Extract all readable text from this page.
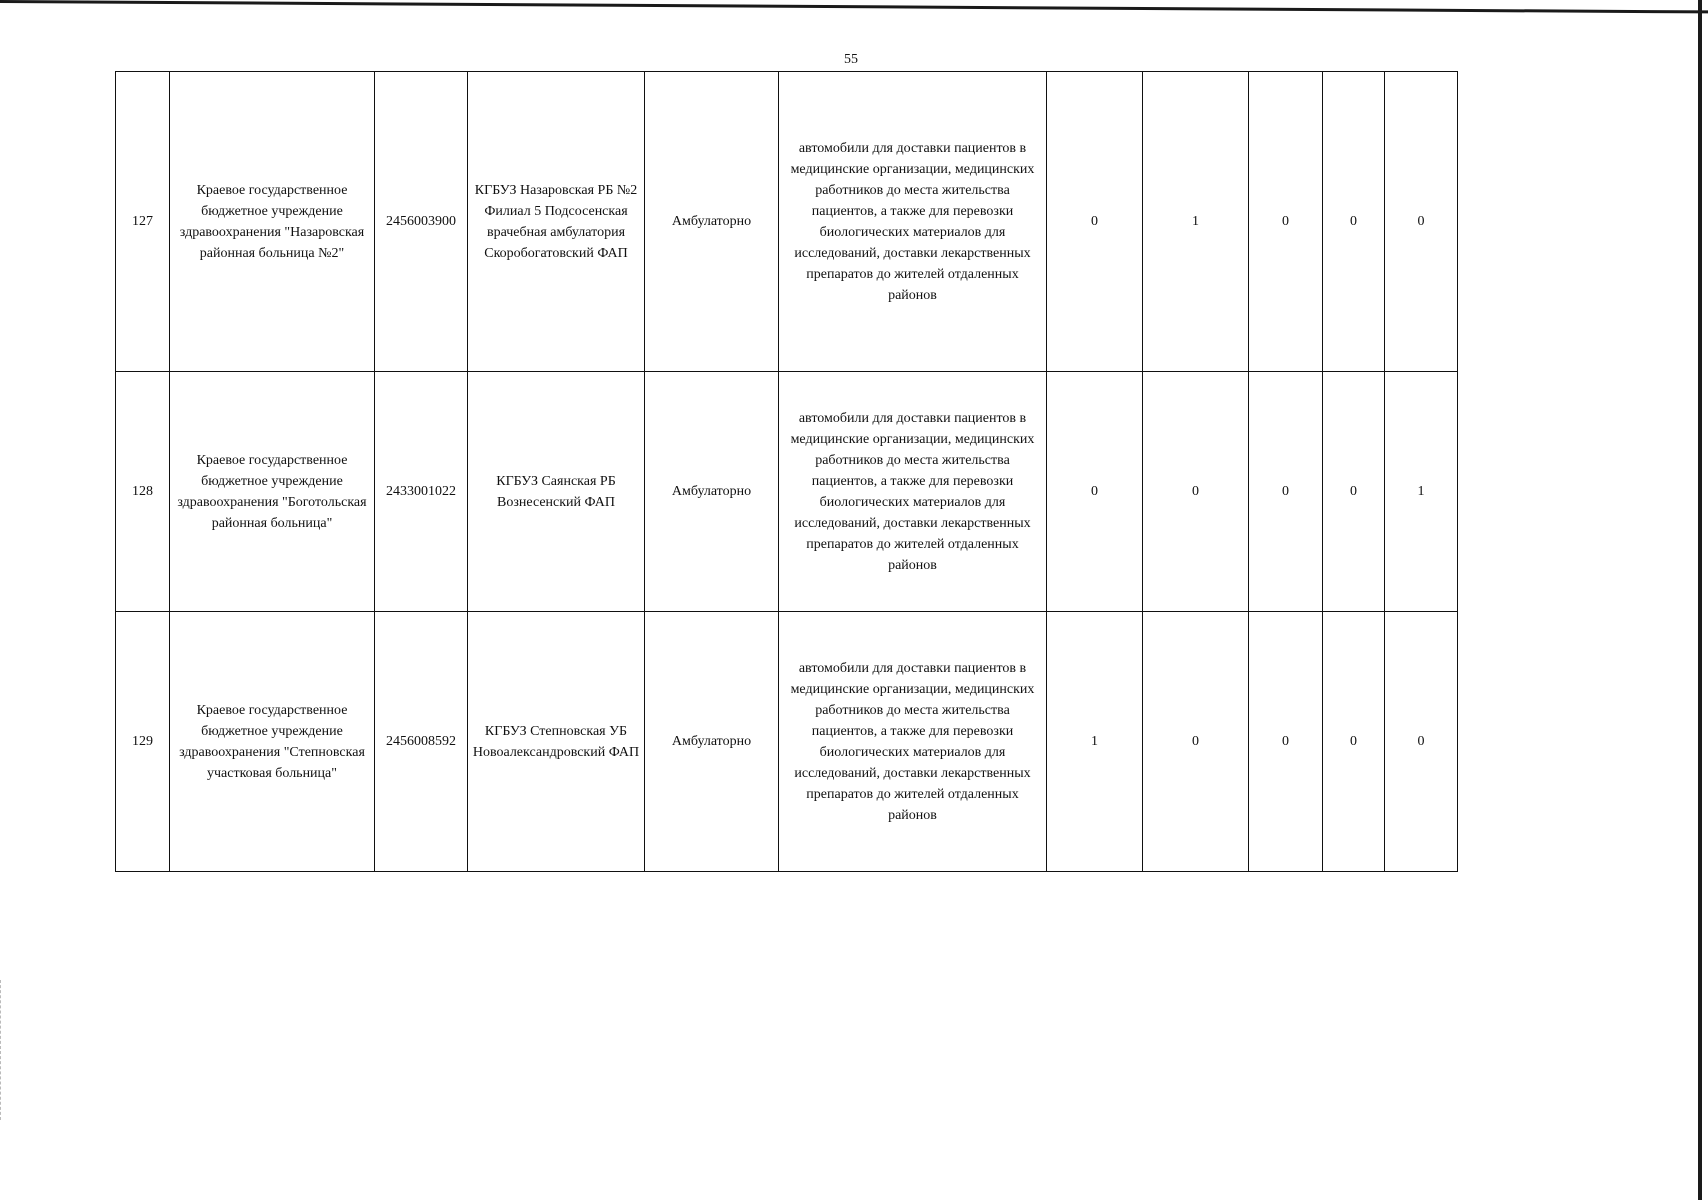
55
127	Краевое государственное бюджетное учреждение здравоохранения "Назаровская районная больница №2"	2456003900	КГБУЗ Назаровская РБ №2 Филиал 5 Подсосенская врачебная амбулатория Скоробогатовский ФАП	Амбулаторно	автомобили для доставки пациентов в медицинские организации, медицинских работников до места жительства пациентов, а также для перевозки биологических материалов для исследований, доставки лекарственных препаратов до жителей отдаленных районов	0	1	0	0	0
128	Краевое государственное бюджетное учреждение здравоохранения "Боготольская районная больница"	2433001022	КГБУЗ Саянская РБ Вознесенский ФАП	Амбулаторно	автомобили для доставки пациентов в медицинские организации, медицинских работников до места жительства пациентов, а также для перевозки биологических материалов для исследований, доставки лекарственных препаратов до жителей отдаленных районов	0	0	0	0	1
129	Краевое государственное бюджетное учреждение здравоохранения "Степновская участковая больница"	2456008592	КГБУЗ Степновская УБ Новоалександровский ФАП	Амбулаторно	автомобили для доставки пациентов в медицинские организации, медицинских работников до места жительства пациентов, а также для перевозки биологических материалов для исследований, доставки лекарственных препаратов до жителей отдаленных районов	1	0	0	0	0
